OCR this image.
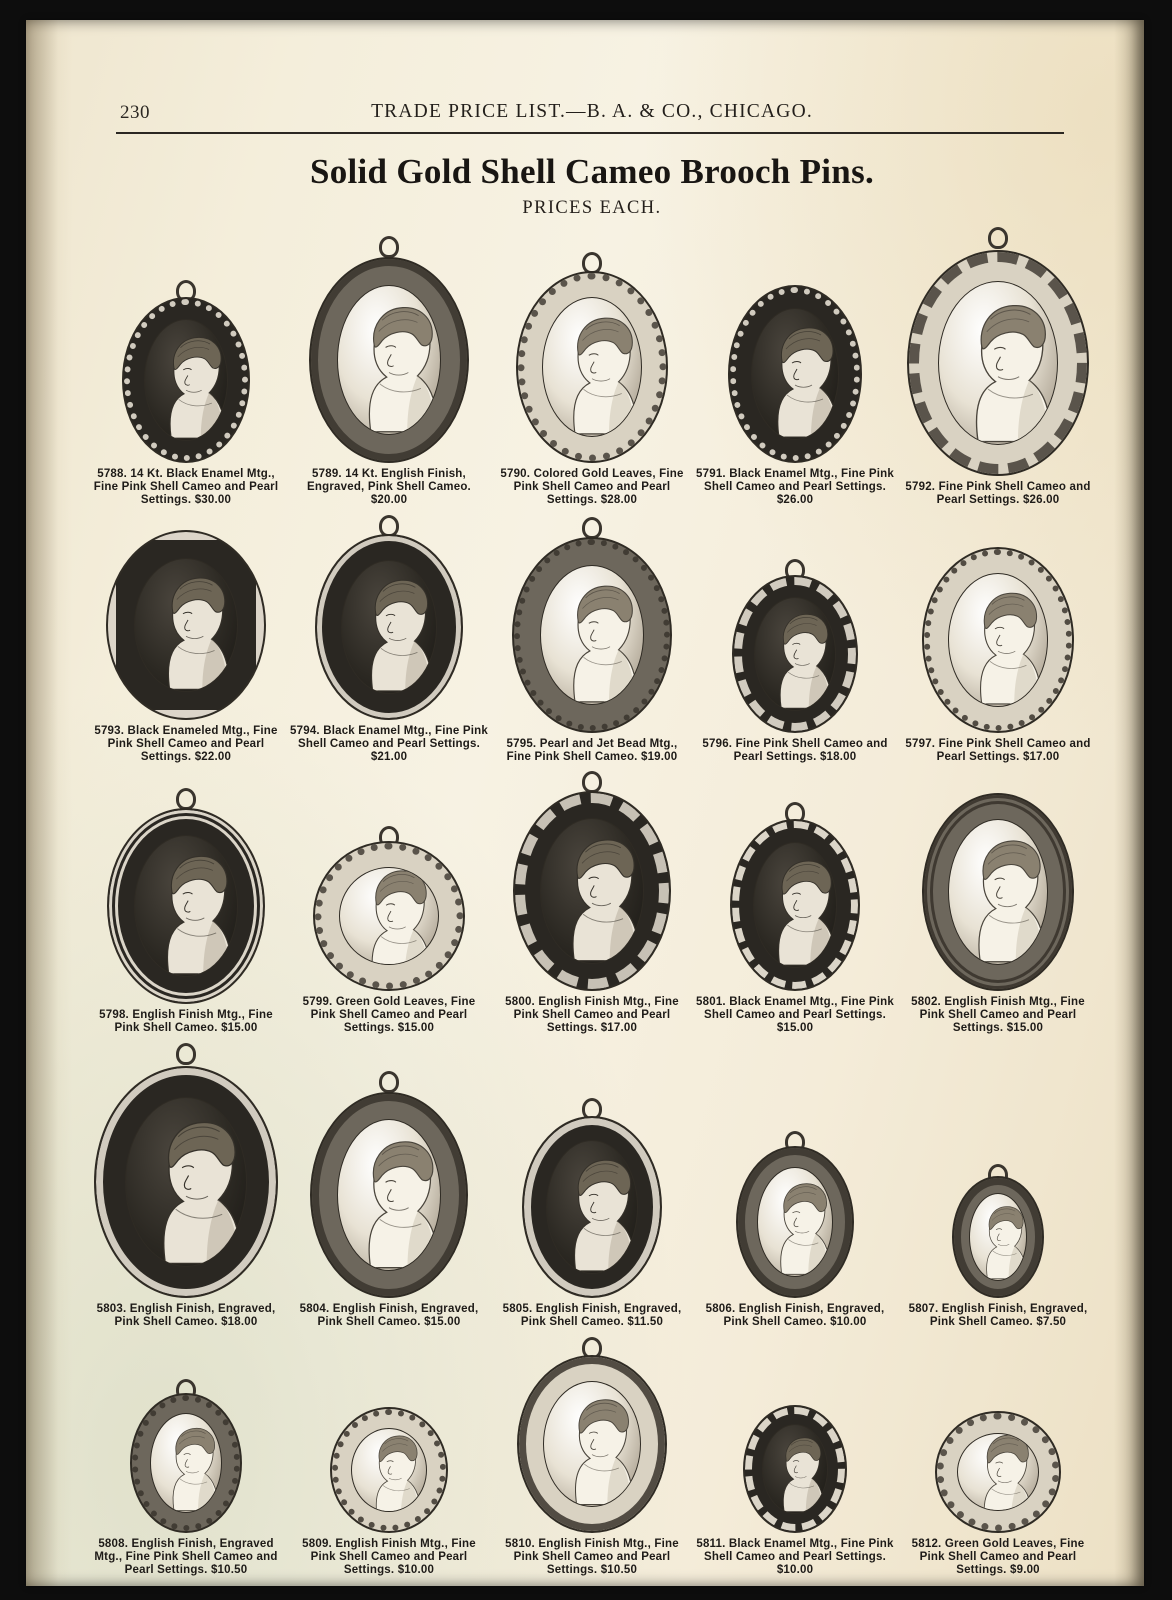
230	TRADE PRICE LIST.—B. A. & CO., CHICAGO.
Solid Gold Shell Cameo Brooch Pins.
PRICES EACH.
5788. 14 Kt. Black Enamel Mtg., Fine Pink Shell Cameo and Pearl Settings. $30.00
5789. 14 Kt. English Finish, Engraved, Pink Shell Cameo. $20.00
5790. Colored Gold Leaves, Fine Pink Shell Cameo and Pearl Settings. $28.00
5791. Black Enamel Mtg., Fine Pink Shell Cameo and Pearl Settings. $26.00
5792. Fine Pink Shell Cameo and Pearl Settings. $26.00
5793. Black Enameled Mtg., Fine Pink Shell Cameo and Pearl Settings. $22.00
5794. Black Enamel Mtg., Fine Pink Shell Cameo and Pearl Settings. $21.00
5795. Pearl and Jet Bead Mtg., Fine Pink Shell Cameo. $19.00
5796. Fine Pink Shell Cameo and Pearl Settings. $18.00
5797. Fine Pink Shell Cameo and Pearl Settings. $17.00
5798. English Finish Mtg., Fine Pink Shell Cameo. $15.00
5799. Green Gold Leaves, Fine Pink Shell Cameo and Pearl Settings. $15.00
5800. English Finish Mtg., Fine Pink Shell Cameo and Pearl Settings. $17.00
5801. Black Enamel Mtg., Fine Pink Shell Cameo and Pearl Settings. $15.00
5802. English Finish Mtg., Fine Pink Shell Cameo and Pearl Settings. $15.00
5803. English Finish, Engraved, Pink Shell Cameo. $18.00
5804. English Finish, Engraved, Pink Shell Cameo. $15.00
5805. English Finish, Engraved, Pink Shell Cameo. $11.50
5806. English Finish, Engraved, Pink Shell Cameo. $10.00
5807. English Finish, Engraved, Pink Shell Cameo. $7.50
5808. English Finish, Engraved Mtg., Fine Pink Shell Cameo and Pearl Settings. $10.50
5809. English Finish Mtg., Fine Pink Shell Cameo and Pearl Settings. $10.00
5810. English Finish Mtg., Fine Pink Shell Cameo and Pearl Settings. $10.50
5811. Black Enamel Mtg., Fine Pink Shell Cameo and Pearl Settings. $10.00
5812. Green Gold Leaves, Fine Pink Shell Cameo and Pearl Settings. $9.00
